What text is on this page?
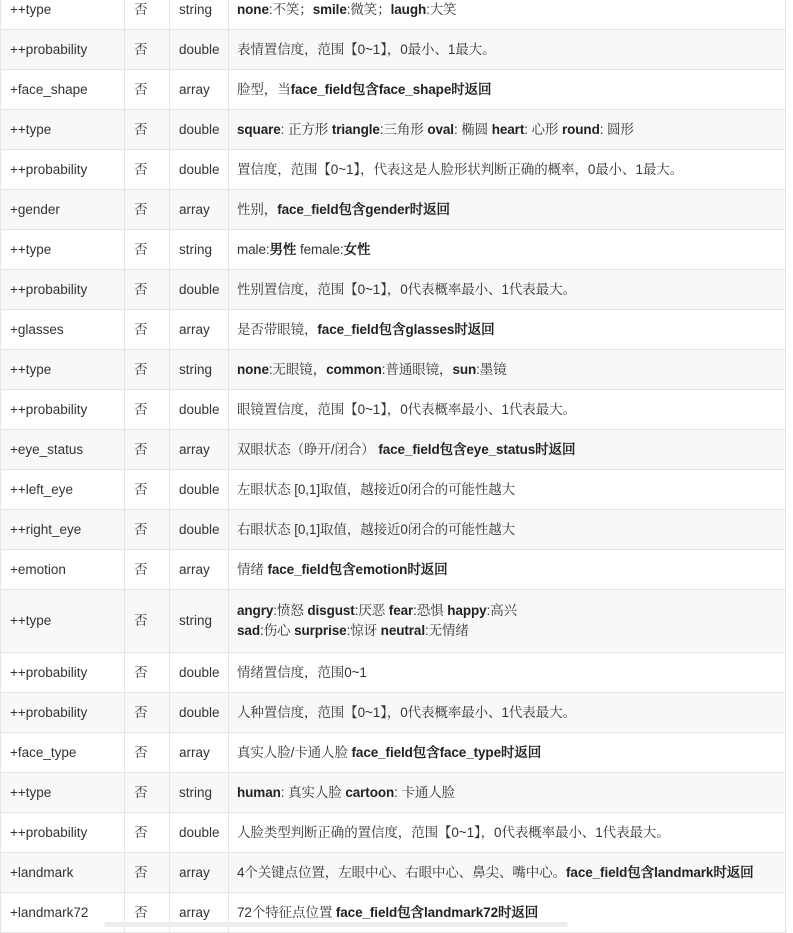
++type	否	string	none:不笑；smile:微笑；laugh:大笑
++probability	否	double	表情置信度，范围【0~1】，0最小、1最大。
+face_shape	否	array	脸型，当face_field包含face_shape时返回
++type	否	double	square: 正方形 triangle:三角形 oval: 椭圆 heart: 心形 round: 圆形
++probability	否	double	置信度，范围【0~1】，代表这是人脸形状判断正确的概率，0最小、1最大。
+gender	否	array	性别，face_field包含gender时返回
++type	否	string	male:男性 female:女性
++probability	否	double	性别置信度，范围【0~1】，0代表概率最小、1代表最大。
+glasses	否	array	是否带眼镜，face_field包含glasses时返回
++type	否	string	none:无眼镜，common:普通眼镜，sun:墨镜
++probability	否	double	眼镜置信度，范围【0~1】，0代表概率最小、1代表最大。
+eye_status	否	array	双眼状态（睁开/闭合） face_field包含eye_status时返回
++left_eye	否	double	左眼状态 [0,1]取值，越接近0闭合的可能性越大
++right_eye	否	double	右眼状态 [0,1]取值，越接近0闭合的可能性越大
+emotion	否	array	情绪 face_field包含emotion时返回
++type	否	string	angry:愤怒 disgust:厌恶 fear:恐惧 happy:高兴
sad:伤心 surprise:惊讶 neutral:无情绪
++probability	否	double	情绪置信度，范围0~1
++probability	否	double	人种置信度，范围【0~1】，0代表概率最小、1代表最大。
+face_type	否	array	真实人脸/卡通人脸 face_field包含face_type时返回
++type	否	string	human: 真实人脸 cartoon: 卡通人脸
++probability	否	double	人脸类型判断正确的置信度，范围【0~1】，0代表概率最小、1代表最大。
+landmark	否	array	4个关键点位置，左眼中心、右眼中心、鼻尖、嘴中心。face_field包含landmark时返回
+landmark72	否	array	72个特征点位置 face_field包含landmark72时返回
